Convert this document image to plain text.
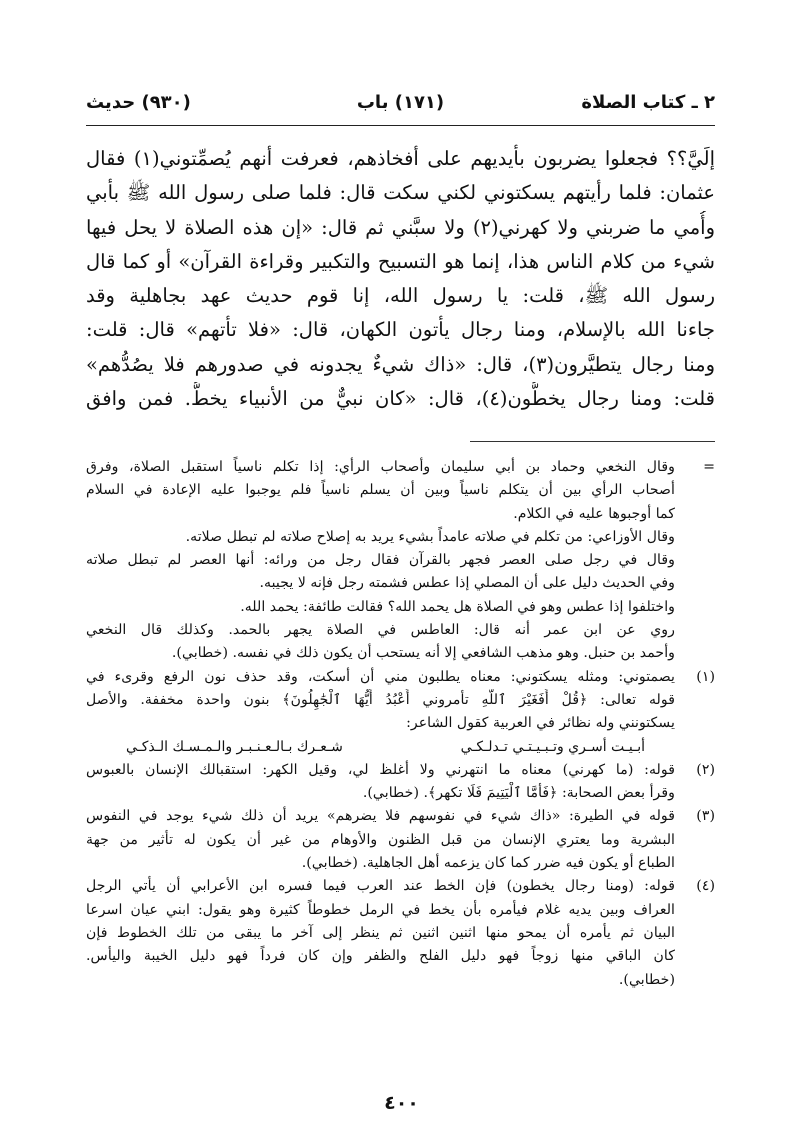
٢ ـ كتاب الصلاة
(١٧١) باب
(٩٣٠) حديث
إلَيَّ؟؟ فجعلوا يضربون بأيديهم على أفخاذهم، فعرفت أنهم يُصمِّتوني(١) فقال
عثمان: فلما رأيتهم يسكتوني لكني سكت قال: فلما صلى رسول الله ﷺ بأبي
وأُمي ما ضربني ولا كهرني(٢) ولا سبَّني ثم قال: «إن هذه الصلاة لا يحل فيها
شيء من كلام الناس هذا، إنما هو التسبيح والتكبير وقراءة القرآن» أو كما قال
رسول الله ﷺ، قلت: يا رسول الله، إنا قوم حديث عهد بجاهلية وقد
جاءنا الله بالإسلام، ومنا رجال يأتون الكهان، قال: «فلا تأتهم» قال: قلت:
ومنا رجال يتطيَّرون(٣)، قال: «ذاك شيءٌ يجدونه في صدورهم فلا يصُدُّهم»
قلت: ومنا رجال يخطُّون(٤)، قال: «كان نبيٌّ من الأنبياء يخطُّ. فمن وافق
=
وقال النخعي وحماد بن أبي سليمان وأصحاب الرأي: إذا تكلم ناسياً استقبل الصلاة، وفرق
أصحاب الرأي بين أن يتكلم ناسياً وبين أن يسلم ناسياً فلم يوجبوا عليه الإعادة في السلام
كما أوجبوها عليه في الكلام.
وقال الأوزاعي: من تكلم في صلاته عامداً بشيء يريد به إصلاح صلاته لم تبطل صلاته.
وقال في رجل صلى العصر فجهر بالقرآن فقال رجل من ورائه: أنها العصر لم تبطل صلاته
وفي الحديث دليل على أن المصلي إذا عطس فشمته رجل فإنه لا يجيبه.
واختلفوا إذا عطس وهو في الصلاة هل يحمد الله؟ فقالت طائفة: يحمد الله.
روي عن ابن عمر أنه قال: العاطس في الصلاة يجهر بالحمد. وكذلك قال النخعي
وأحمد بن حنبل. وهو مذهب الشافعي إلا أنه يستحب أن يكون ذلك في نفسه. (خطابي).
(١)
يصمتوني: ومثله يسكتوني: معناه يطلبون مني أن أسكت، وقد حذف نون الرفع وقرىء في
قوله تعالى: ﴿قُلْ أَفَغَيْرَ ٱللَّهِ تأمروني أَعْبُدُ أَيُّهَا ٱلْجَٰهِلُونَ﴾ بنون واحدة مخففة. والأصل
يسكتونني وله نظائر في العربية كقول الشاعر:
أبـيـت أسـري وتـبـيـتـي تـدلـكـي
شـعـرك بـالـعـنـبـر والـمـسـك الـذكـي
(٢)
قوله: (ما كهرني) معناه ما انتهرني ولا أغلظ لي، وقيل الكهر: استقبالك الإنسان بالعبوس
وقرأ بعض الصحابة: ﴿فَأَمَّا ٱلْيَتِيمَ فَلَا تكهر﴾. (خطابي).
(٣)
قوله في الطيرة: «ذاك شيء في نفوسهم فلا يضرهم» يريد أن ذلك شيء يوجد في النفوس
البشرية وما يعتري الإنسان من قبل الظنون والأوهام من غير أن يكون له تأثير من جهة
الطباع أو يكون فيه ضرر كما كان يزعمه أهل الجاهلية. (خطابي).
(٤)
قوله: (ومنا رجال يخطون) فإن الخط عند العرب فيما فسره ابن الأعرابي أن يأتي الرجل
العراف وبين يديه غلام فيأمره بأن يخط في الرمل خطوطاً كثيرة وهو يقول: ابني عيان اسرعا
البيان ثم يأمره أن يمحو منها اثنين اثنين ثم ينظر إلى آخر ما يبقى من تلك الخطوط فإن
كان الباقي منها زوجاً فهو دليل الفلح والظفر وإن كان فرداً فهو دليل الخيبة واليأس.
(خطابي).
٤٠٠
